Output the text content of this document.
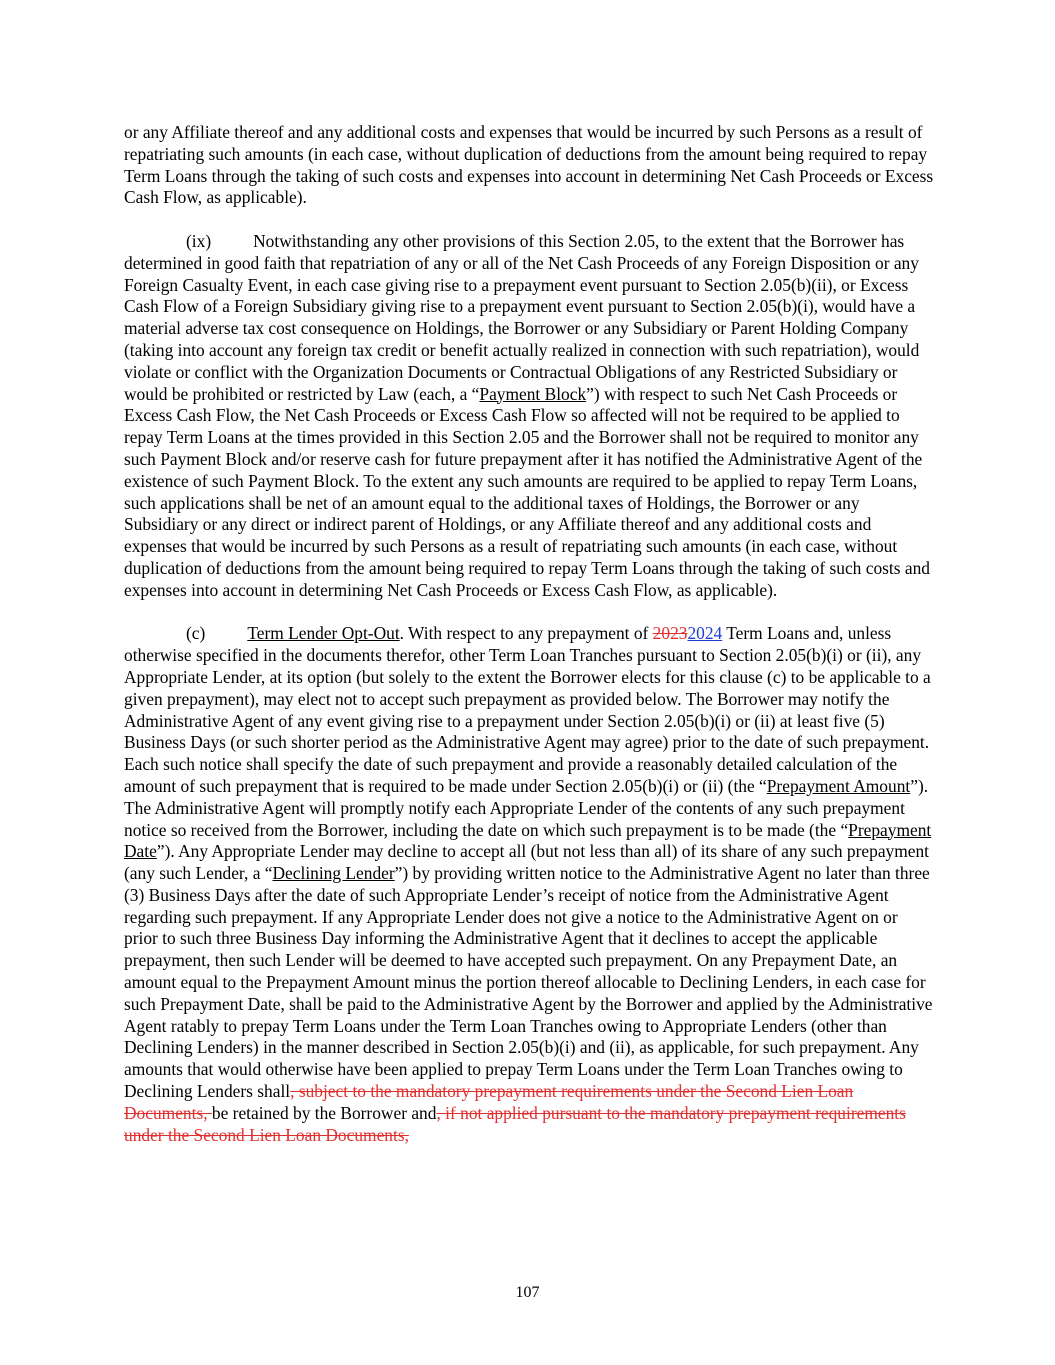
or any Affiliate thereof and any additional costs and expenses that would be incurred by such Persons as a result of repatriating such amounts (in each case, without duplication of deductions from the amount being required to repay Term Loans through the taking of such costs and expenses into account in determining Net Cash Proceeds or Excess Cash Flow, as applicable).

(ix) Notwithstanding any other provisions of this Section 2.05, to the extent that the Borrower has determined in good faith that repatriation of any or all of the Net Cash Proceeds of any Foreign Disposition or any Foreign Casualty Event, in each case giving rise to a prepayment event pursuant to Section 2.05(b)(ii), or Excess Cash Flow of a Foreign Subsidiary giving rise to a prepayment event pursuant to Section 2.05(b)(i), would have a material adverse tax cost consequence on Holdings, the Borrower or any Subsidiary or Parent Holding Company (taking into account any foreign tax credit or benefit actually realized in connection with such repatriation), would violate or conflict with the Organization Documents or Contractual Obligations of any Restricted Subsidiary or would be prohibited or restricted by Law (each, a “Payment Block”) with respect to such Net Cash Proceeds or Excess Cash Flow, the Net Cash Proceeds or Excess Cash Flow so affected will not be required to be applied to repay Term Loans at the times provided in this Section 2.05 and the Borrower shall not be required to monitor any such Payment Block and/or reserve cash for future prepayment after it has notified the Administrative Agent of the existence of such Payment Block. To the extent any such amounts are required to be applied to repay Term Loans, such applications shall be net of an amount equal to the additional taxes of Holdings, the Borrower or any Subsidiary or any direct or indirect parent of Holdings, or any Affiliate thereof and any additional costs and expenses that would be incurred by such Persons as a result of repatriating such amounts (in each case, without duplication of deductions from the amount being required to repay Term Loans through the taking of such costs and expenses into account in determining Net Cash Proceeds or Excess Cash Flow, as applicable).

(c) Term Lender Opt-Out. With respect to any prepayment of 20232024 Term Loans and, unless otherwise specified in the documents therefor, other Term Loan Tranches pursuant to Section 2.05(b)(i) or (ii), any Appropriate Lender, at its option (but solely to the extent the Borrower elects for this clause (c) to be applicable to a given prepayment), may elect not to accept such prepayment as provided below. The Borrower may notify the Administrative Agent of any event giving rise to a prepayment under Section 2.05(b)(i) or (ii) at least five (5) Business Days (or such shorter period as the Administrative Agent may agree) prior to the date of such prepayment. Each such notice shall specify the date of such prepayment and provide a reasonably detailed calculation of the amount of such prepayment that is required to be made under Section 2.05(b)(i) or (ii) (the “Prepayment Amount”). The Administrative Agent will promptly notify each Appropriate Lender of the contents of any such prepayment notice so received from the Borrower, including the date on which such prepayment is to be made (the “Prepayment Date”). Any Appropriate Lender may decline to accept all (but not less than all) of its share of any such prepayment (any such Lender, a “Declining Lender”) by providing written notice to the Administrative Agent no later than three (3) Business Days after the date of such Appropriate Lender’s receipt of notice from the Administrative Agent regarding such prepayment. If any Appropriate Lender does not give a notice to the Administrative Agent on or prior to such three Business Day informing the Administrative Agent that it declines to accept the applicable prepayment, then such Lender will be deemed to have accepted such prepayment. On any Prepayment Date, an amount equal to the Prepayment Amount minus the portion thereof allocable to Declining Lenders, in each case for such Prepayment Date, shall be paid to the Administrative Agent by the Borrower and applied by the Administrative Agent ratably to prepay Term Loans under the Term Loan Tranches owing to Appropriate Lenders (other than Declining Lenders) in the manner described in Section 2.05(b)(i) and (ii), as applicable, for such prepayment. Any amounts that would otherwise have been applied to prepay Term Loans under the Term Loan Tranches owing to Declining Lenders shall, subject to the mandatory prepayment requirements under the Second Lien Loan Documents, be retained by the Borrower and, if not applied pursuant to the mandatory prepayment requirements under the Second Lien Loan Documents,

107
